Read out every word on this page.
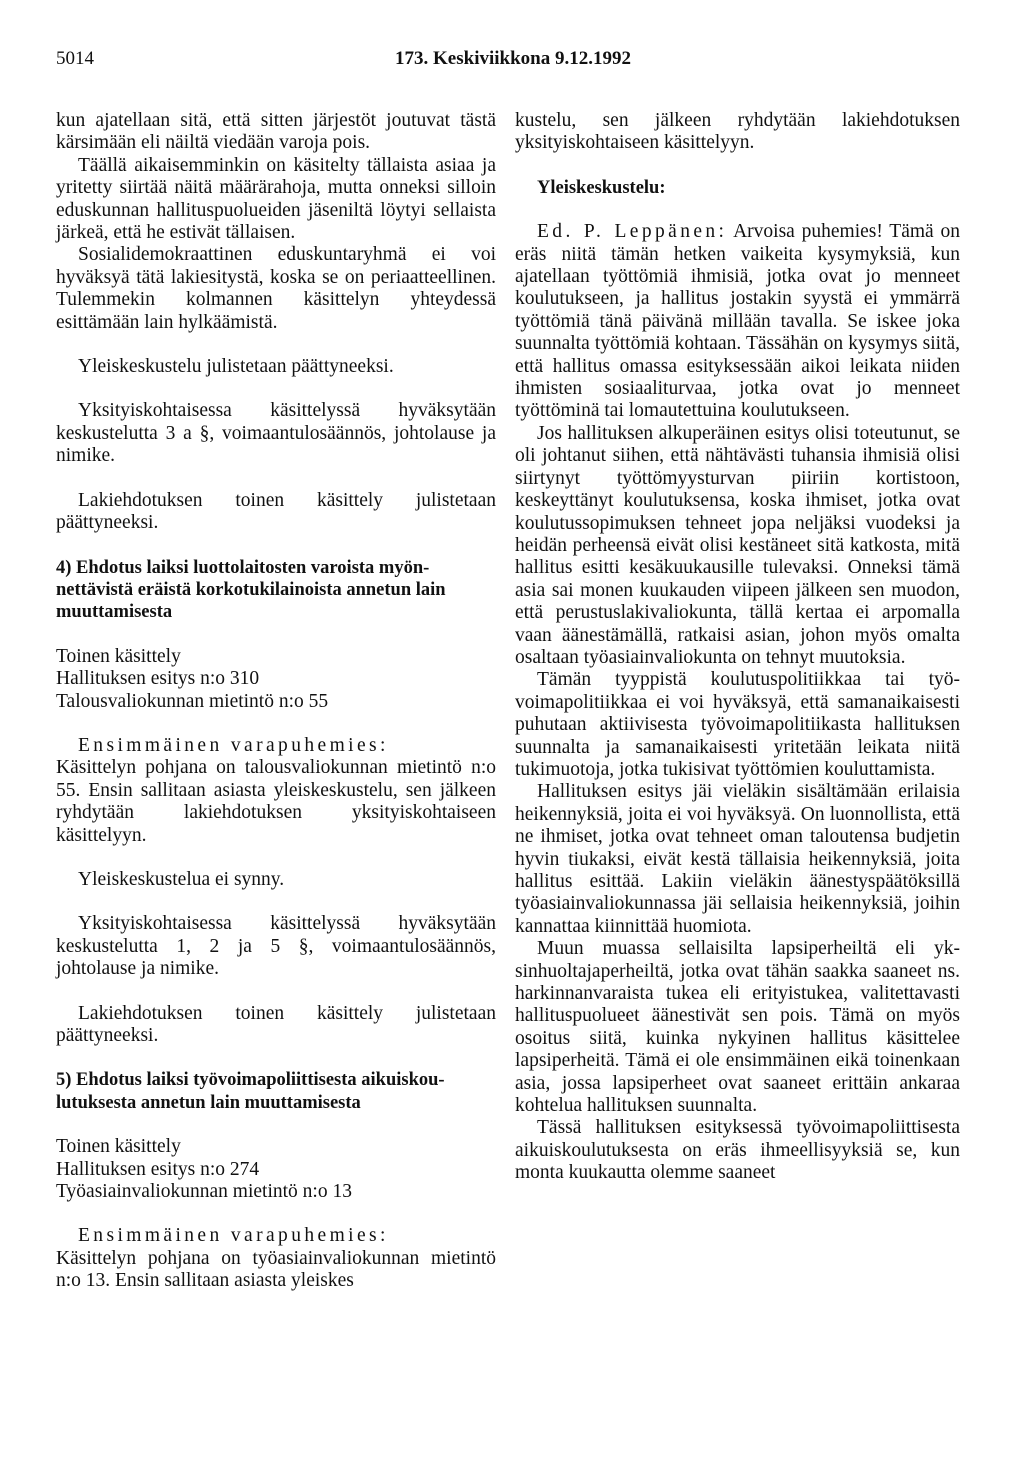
5014	173. Keskiviikkona 9.12.1992

kun ajatellaan sitä, että sitten järjestöt joutuvat tästä kärsimään eli näiltä viedään varoja pois.

Täällä aikaisemminkin on käsitelty tällaista asiaa ja yritetty siirtää näitä määrärahoja, mutta onneksi silloin eduskunnan hallituspuolueiden jäseniltä löytyi sellaista järkeä, että he estivät tällaisen.

Sosialidemokraattinen eduskuntaryhmä ei voi hyväksyä tätä lakiesitystä, koska se on periaatteellinen. Tulemmekin kolmannen käsittelyn yhteydessä esittämään lain hylkäämistä.

Yleiskeskustelu julistetaan päättyneeksi.

Yksityiskohtaisessa käsittelyssä hyväksytään keskustelutta 3 a §, voimaantulosäännös, johtolause ja nimike.

Lakiehdotuksen toinen käsittely julistetaan päättyneeksi.

4) Ehdotus laiksi luottolaitosten varoista myönnettävistä eräistä korkotukilainoista annetun lain muuttamisesta

Toinen käsittely

Hallituksen esitys n:o 310

Talousvaliokunnan mietintö n:o 55

Ensimmäinen varapuhemies:

Käsittelyn pohjana on talousvaliokunnan mietintö n:o 55. Ensin sallitaan asiasta yleiskeskustelu, sen jälkeen ryhdytään lakiehdotuksen yksityiskohtaiseen käsittelyyn.

Yleiskeskustelua ei synny.

Yksityiskohtaisessa käsittelyssä hyväksytään keskustelutta 1, 2 ja 5 §, voimaantulosäännös, johtolause ja nimike.

Lakiehdotuksen toinen käsittely julistetaan päättyneeksi.

5) Ehdotus laiksi työvoimapoliittisesta aikuiskoulutuksesta annetun lain muuttamisesta

Toinen käsittely

Hallituksen esitys n:o 274

Työasiainvaliokunnan mietintö n:o 13

Ensimmäinen varapuhemies:

Käsittelyn pohjana on työasiainvaliokunnan mietintö n:o 13. Ensin sallitaan asiasta yleiskes

kustelu, sen jälkeen ryhdytään lakiehdotuksen yksityiskohtaiseen käsittelyyn.

Yleiskeskustelu:

Ed. P. Leppänen: Arvoisa puhemies! Tämä on eräs niitä tämän hetken vaikeita kysymyksiä, kun ajatellaan työttömiä ihmisiä, jotka ovat jo menneet koulutukseen, ja hallitus jostakin syystä ei ymmärrä työttömiä tänä päivänä millään tavalla. Se iskee joka suunnalta työttömiä kohtaan. Tässähän on kysymys siitä, että hallitus omassa esityksessään aikoi leikata niiden ihmisten sosiaaliturvaa, jotka ovat jo menneet työttöminä tai lomautettuina koulutukseen.

Jos hallituksen alkuperäinen esitys olisi toteutunut, se oli johtanut siihen, että nähtävästi tuhansia ihmisiä olisi siirtynyt työttömyysturvan piiriin kortistoon, keskeyttänyt koulutuksensa, koska ihmiset, jotka ovat koulutussopimuksen tehneet jopa neljäksi vuodeksi ja heidän perheensä eivät olisi kestäneet sitä katkosta, mitä hallitus esitti kesäkuukausille tulevaksi. Onneksi tämä asia sai monen kuukauden viipeen jälkeen sen muodon, että perustuslakivaliokunta, tällä kertaa ei arpomalla vaan äänestämällä, ratkaisi asian, johon myös omalta osaltaan työasiainvaliokunta on tehnyt muutoksia.

Tämän tyyppistä koulutuspolitiikkaa tai työvoimapolitiikkaa ei voi hyväksyä, että samanaikaisesti puhutaan aktiivisesta työvoimapolitiikasta hallituksen suunnalta ja samanaikaisesti yritetään leikata niitä tukimuotoja, jotka tukisivat työttömien kouluttamista.

Hallituksen esitys jäi vieläkin sisältämään erilaisia heikennyksiä, joita ei voi hyväksyä. On luonnollista, että ne ihmiset, jotka ovat tehneet oman taloutensa budjetin hyvin tiukaksi, eivät kestä tällaisia heikennyksiä, joita hallitus esittää. Lakiin vieläkin äänestyspäätöksillä työasiainvaliokunnassa jäi sellaisia heikennyksiä, joihin kannattaa kiinnittää huomiota.

Muun muassa sellaisilta lapsiperheiltä eli yksinhuoltajaperheiltä, jotka ovat tähän saakka saaneet ns. harkinnanvaraista tukea eli erityistukea, valitettavasti hallituspuolueet äänestivät sen pois. Tämä on myös osoitus siitä, kuinka nykyinen hallitus käsittelee lapsiperheitä. Tämä ei ole ensimmäinen eikä toinenkaan asia, jossa lapsiperheet ovat saaneet erittäin ankaraa kohtelua hallituksen suunnalta.

Tässä hallituksen esityksessä työvoimapoliittisesta aikuiskoulutuksesta on eräs ihmeellisyyksiä se, kun monta kuukautta olemme saaneet
